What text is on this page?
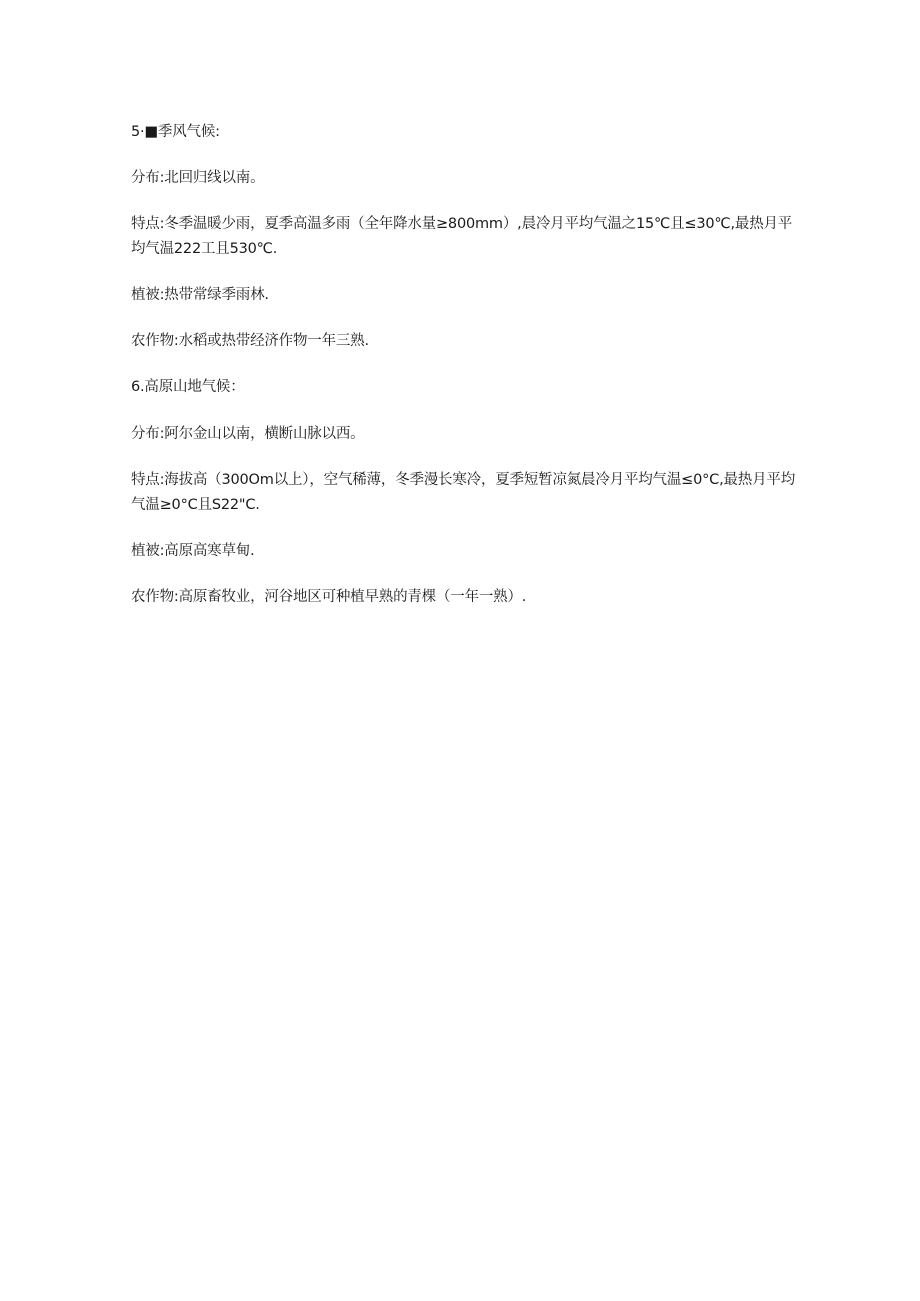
5·■季风气候:

分布:北回归线以南。

特点:冬季温暖少雨，夏季高温多雨（全年降水量≥800mm）,晨冷月平均气温之15℃且≤30℃,最热月平均气温222工且530℃.

植被:热带常绿季雨林.

农作物:水稻或热带经济作物一年三熟.

6.高原山地气候：

分布:阿尔金山以南，横断山脉以西。

特点:海拔高（300Om以上），空气稀薄，冬季漫长寒冷，夏季短暂凉氮晨冷月平均气温≤0°C,最热月平均气温≥0°C且S22"C.

植被:高原高寒草甸.

农作物:高原畜牧业，河谷地区可种植早熟的青棵（一年一熟）.
